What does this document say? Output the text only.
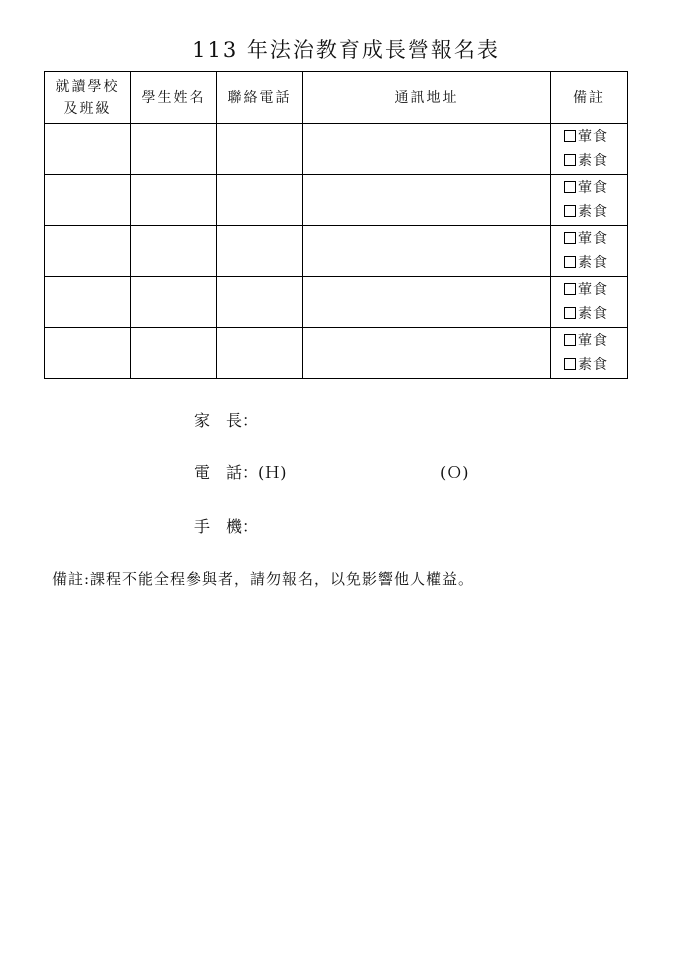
113 年法治教育成長營報名表
就讀學校
及班級	學生姓名	聯絡電話	通訊地址	備註

				葷食
素食

				葷食
素食

				葷食
素食

				葷食
素食

				葷食
素食
家　長：
電　話：(Ｈ)	(Ｏ)
手　機：
備註:課程不能全程參與者，請勿報名，以免影響他人權益。
